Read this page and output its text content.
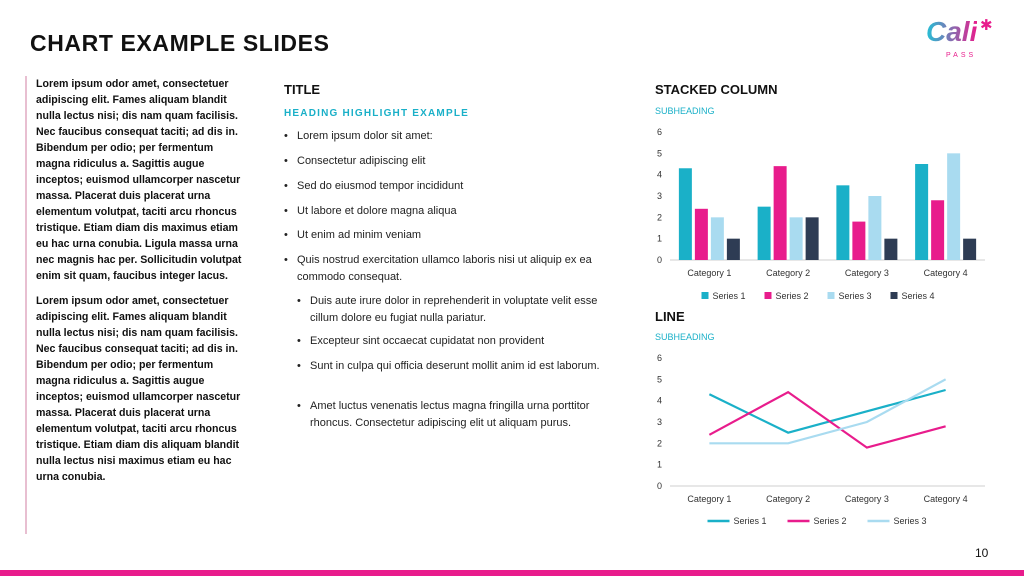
CHART EXAMPLE SLIDES	Cali ✱
PASS

Lorem ipsum odor amet, consectetuer adipiscing elit. Fames aliquam blandit nulla lectus nisi; dis nam quam facilisis. Nec faucibus consequat taciti; ad dis in. Bibendum per odio; per fermentum magna ridiculus a. Sagittis augue inceptos; euismod ullamcorper nascetur massa. Placerat duis placerat urna elementum volutpat, taciti arcu rhoncus tristique. Etiam diam dis maximus etiam eu hac urna conubia. Ligula massa urna nec magnis hac per. Sollicitudin volutpat enim sit quam, faucibus integer lacus.

Lorem ipsum odor amet, consectetuer adipiscing elit. Fames aliquam blandit nulla lectus nisi; dis nam quam facilisis. Nec faucibus consequat taciti; ad dis in. Bibendum per odio; per fermentum magna ridiculus a. Sagittis augue inceptos; euismod ullamcorper nascetur massa. Placerat duis placerat urna elementum volutpat, taciti arcu rhoncus tristique. Etiam diam dis aliquam blandit nulla lectus nisi maximus etiam eu hac urna conubia.

TITLE
HEADING HIGHLIGHT EXAMPLE
• Lorem ipsum dolor sit amet:
• Consectetur adipiscing elit
• Sed do eiusmod tempor incididunt
• Ut labore et dolore magna aliqua
• Ut enim ad minim veniam
• Quis nostrud exercitation ullamco laboris nisi ut aliquip ex ea commodo consequat.
• Duis aute irure dolor in reprehenderit in voluptate velit esse cillum dolore eu fugiat nulla pariatur.
• Excepteur sint occaecat cupidatat non provident
• Sunt in culpa qui officia deserunt mollit anim id est laborum.
• Amet luctus venenatis lectus magna fringilla urna porttitor rhoncus. Consectetur adipiscing elit ut aliquam purus.
STACKED COLUMN
SUBHEADING
0
1
2
3
4
5
6
Category 1	Category 2	Category 3	Category 4
Series 1	Series 2	Series 3	Series 4
LINE
SUBHEADING
0
1
2
3
4
5
6
Category 1	Category 2	Category 3	Category 4
Series 1	Series 2	Series 3
10
